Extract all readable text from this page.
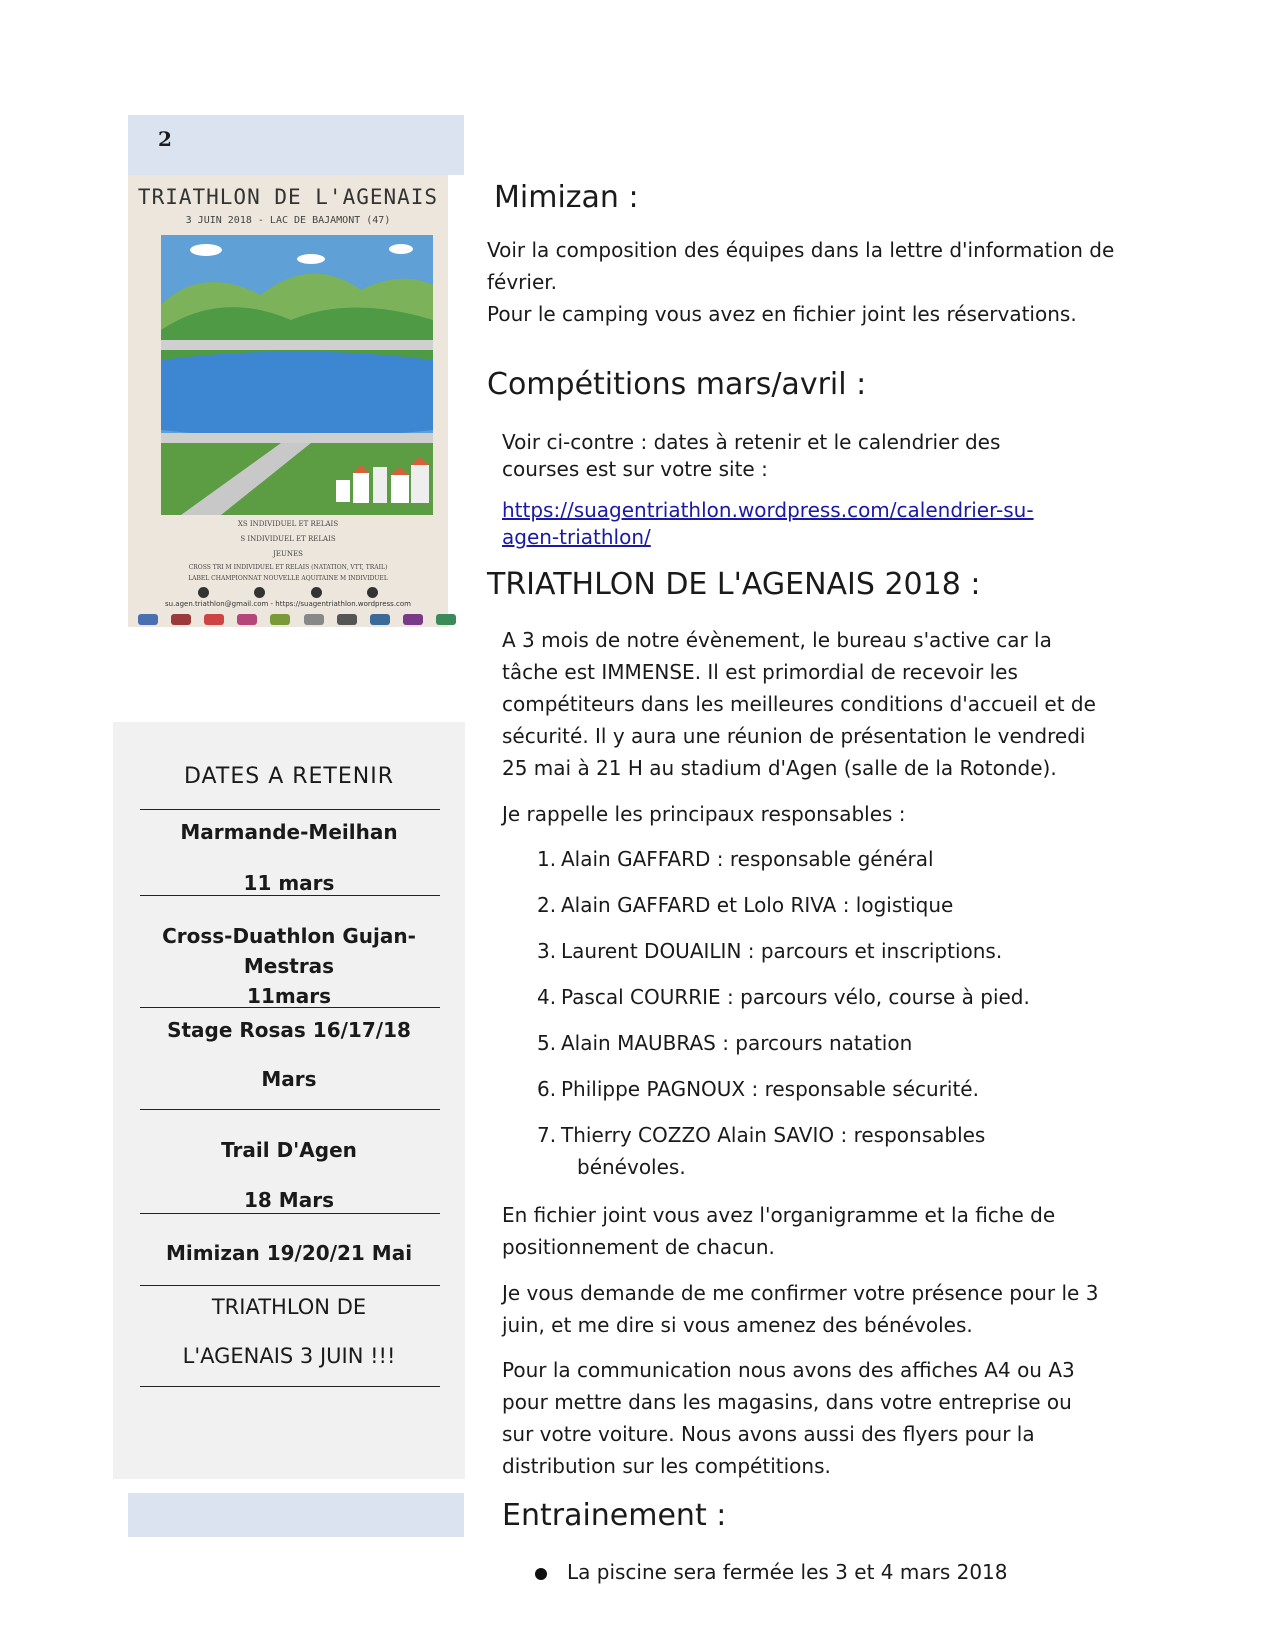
2
TRIATHLON DE L'AGENAIS
3 JUIN 2018 - LAC DE BAJAMONT (47)
XS INDIVIDUEL ET RELAIS
S INDIVIDUEL ET RELAIS
JEUNES
CROSS TRI M INDIVIDUEL ET RELAIS (NATATION, VTT, TRAIL)
LABEL CHAMPIONNAT NOUVELLE AQUITAINE M INDIVIDUEL
su.agen.triathlon@gmail.com - https://suagentriathlon.wordpress.com
DATES A RETENIR
Marmande-Meilhan
11 mars
Cross-Duathlon Gujan-
Mestras
11mars
Stage Rosas 16/17/18
Mars
Trail D'Agen
18 Mars
Mimizan 19/20/21 Mai
TRIATHLON DE
L'AGENAIS 3 JUIN !!!
Mimizan :
Voir la composition des équipes dans la lettre d'information de
février.
Pour le camping vous avez en fichier joint les réservations.
Compétitions mars/avril :
Voir ci-contre : dates à retenir et le calendrier des
courses est sur votre site :
https://suagentriathlon.wordpress.com/calendrier-su-
agen-triathlon/
TRIATHLON DE L'AGENAIS 2018 :
A 3 mois de notre évènement, le bureau s'active car la
tâche est IMMENSE. Il est primordial de recevoir les
compétiteurs dans les meilleures conditions d'accueil et de
sécurité. Il y aura une réunion de présentation le vendredi
25 mai à 21 H au stadium d'Agen (salle de la Rotonde).
Je rappelle les principaux responsables :
1. Alain GAFFARD : responsable général
2. Alain GAFFARD et Lolo RIVA : logistique
3. Laurent DOUAILIN : parcours et inscriptions.
4. Pascal COURRIE : parcours vélo, course à pied.
5. Alain MAUBRAS : parcours natation
6. Philippe PAGNOUX : responsable sécurité.
7. Thierry COZZO Alain SAVIO : responsables
bénévoles.
En fichier joint vous avez l'organigramme et la fiche de
positionnement de chacun.
Je vous demande de me confirmer votre présence pour le 3
juin, et me dire si vous amenez des bénévoles.
Pour la communication nous avons des affiches A4 ou A3
pour mettre dans les magasins, dans votre entreprise ou
sur votre voiture. Nous avons aussi des flyers pour la
distribution sur les compétitions.
Entrainement :
La piscine sera fermée les 3 et 4 mars 2018
